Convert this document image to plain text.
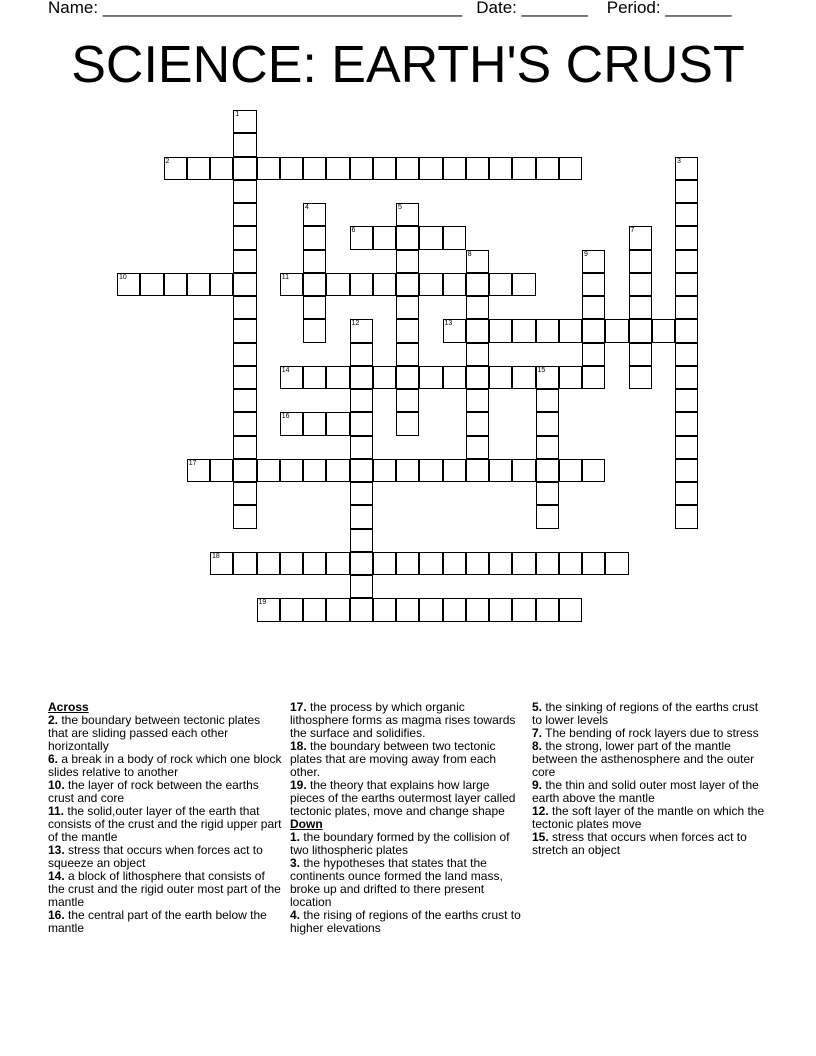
Name: ______________________________________ Date: _______ Period: _______
SCIENCE: EARTH'S CRUST
1
2	3
4	5
6	7
8	9
10	11
12	13
14	15
16
17
18
19
Across
2. the boundary between tectonic plates that are sliding passed each other horizontally
6. a break in a body of rock which one block slides relative to another
10. the layer of rock between the earths crust and core
11. the solid,outer layer of the earth that consists of the crust and the rigid upper part of the mantle
13. stress that occurs when forces act to squeeze an object
14. a block of lithosphere that consists of the crust and the rigid outer most part of the mantle
16. the central part of the earth below the mantle
17. the process by which organic lithosphere forms as magma rises towards the surface and solidifies.
18. the boundary between two tectonic plates that are moving away from each other.
19. the theory that explains how large pieces of the earths outermost layer called tectonic plates, move and change shape
Down
1. the boundary formed by the collision of two lithospheric plates
3. the hypotheses that states that the continents ounce formed the land mass, broke up and drifted to there present location
4. the rising of regions of the earths crust to higher elevations
5. the sinking of regions of the earths crust to lower levels
7. The bending of rock layers due to stress
8. the strong, lower part of the mantle between the asthenosphere and the outer core
9. the thin and solid outer most layer of the earth above the mantle
12. the soft layer of the mantle on which the tectonic plates move
15. stress that occurs when forces act to stretch an object
